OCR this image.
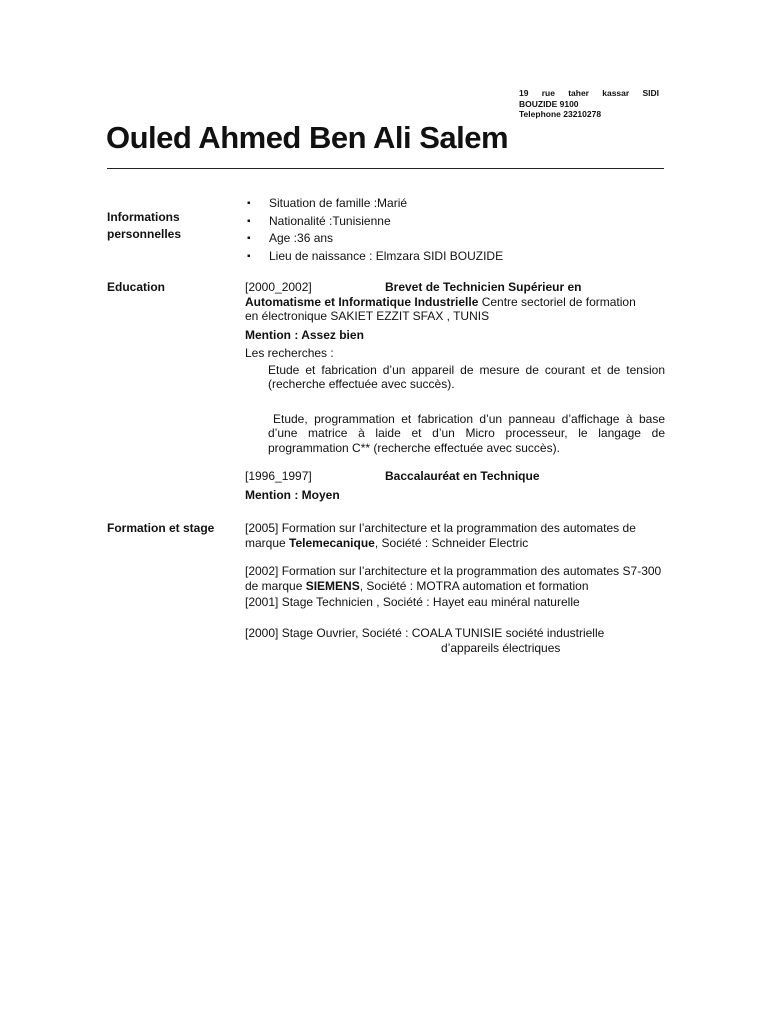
19 rue taher kassar SIDI
BOUZIDE 9100
Telephone 23210278
Ouled Ahmed Ben Ali Salem
Informations
personnelles
▪ Situation de famille :Marié
▪ Nationalité :Tunisienne
▪ Age :36 ans
▪ Lieu de naissance : Elmzara SIDI BOUZIDE
Education	[2000_2002]	Brevet de Technicien Supérieur en
Automatisme et Informatique Industrielle Centre sectoriel de formation
en électronique SAKIET EZZIT SFAX , TUNIS
Mention : Assez bien
Les recherches :
Etude et fabrication d’un appareil de mesure de courant et de tension (recherche effectuée avec succès).
Etude, programmation et fabrication d’un panneau d’affichage à base d’une matrice à laide et d’un Micro processeur, le langage de programmation C** (recherche effectuée avec succès).
[1996_1997]	Baccalauréat en Technique
Mention : Moyen
Formation et stage	[2005] Formation sur l’architecture et la programmation des automates de marque Telemecanique, Société : Schneider Electric
[2002] Formation sur l’architecture et la programmation des automates S7-300 de marque SIEMENS, Société : MOTRA automation et formation
[2001] Stage Technicien , Société : Hayet eau minéral naturelle
[2000] Stage Ouvrier, Société : COALA TUNISIE société industrielle
d’appareils électriques
